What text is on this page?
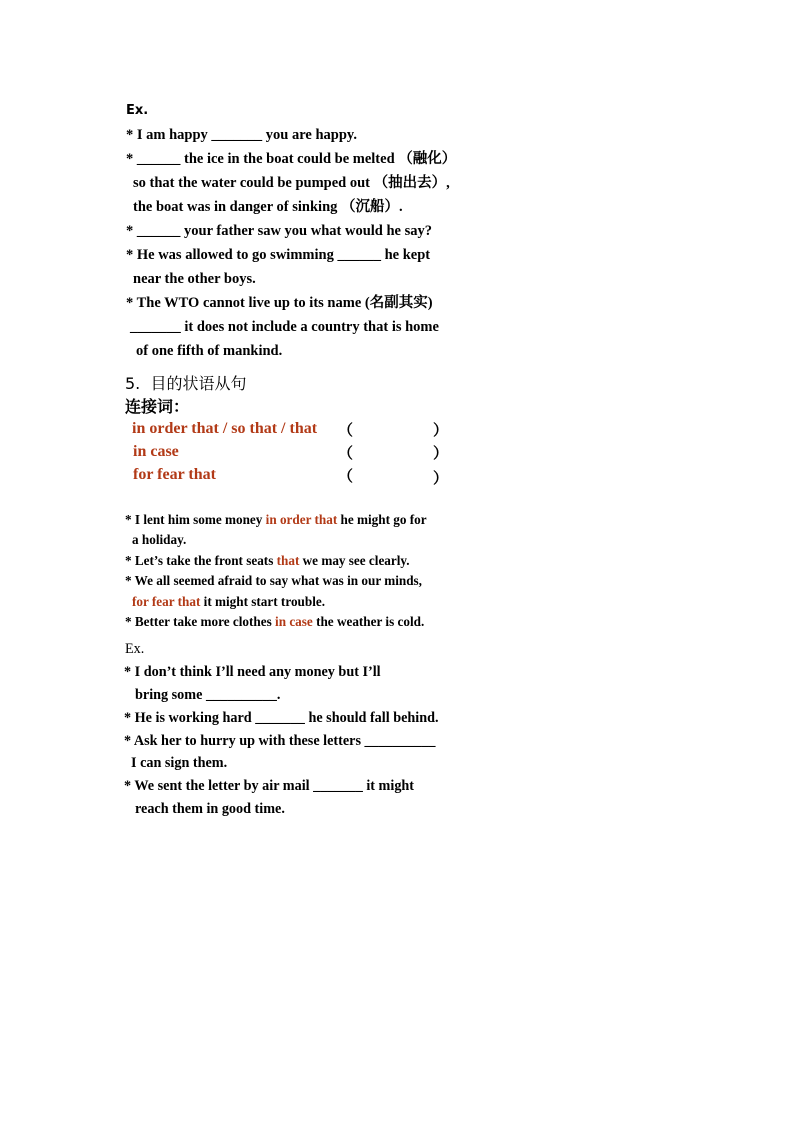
Ex.
* I am happy _______ you are happy.
* ______ the ice in the boat could be melted （融化）
so that the water could be pumped out （抽出去）,
the boat was in danger of sinking （沉船）.
* ______ your father saw you what would he say?
* He was allowed to go swimming ______ he kept
near the other boys.
* The WTO cannot live up to its name (名副其实)
_______ it does not include a country that is home
of one fifth of mankind.
5.  目的状语从句
连接词：
in order that / so that / that （	）
in case	（	）
for fear that	（	）
* I lent him some money in order that he might go for
a holiday.
* Let’s take the front seats that we may see clearly.
* We all seemed afraid to say what was in our minds,
for fear that it might start trouble.
* Better take more clothes in case the weather is cold.
Ex.
* I don’t think I’ll need any money but I’ll
bring some __________.
* He is working hard _______ he should fall behind.
* Ask her to hurry up with these letters __________
I can sign them.
* We sent the letter by air mail _______ it might
reach them in good time.
